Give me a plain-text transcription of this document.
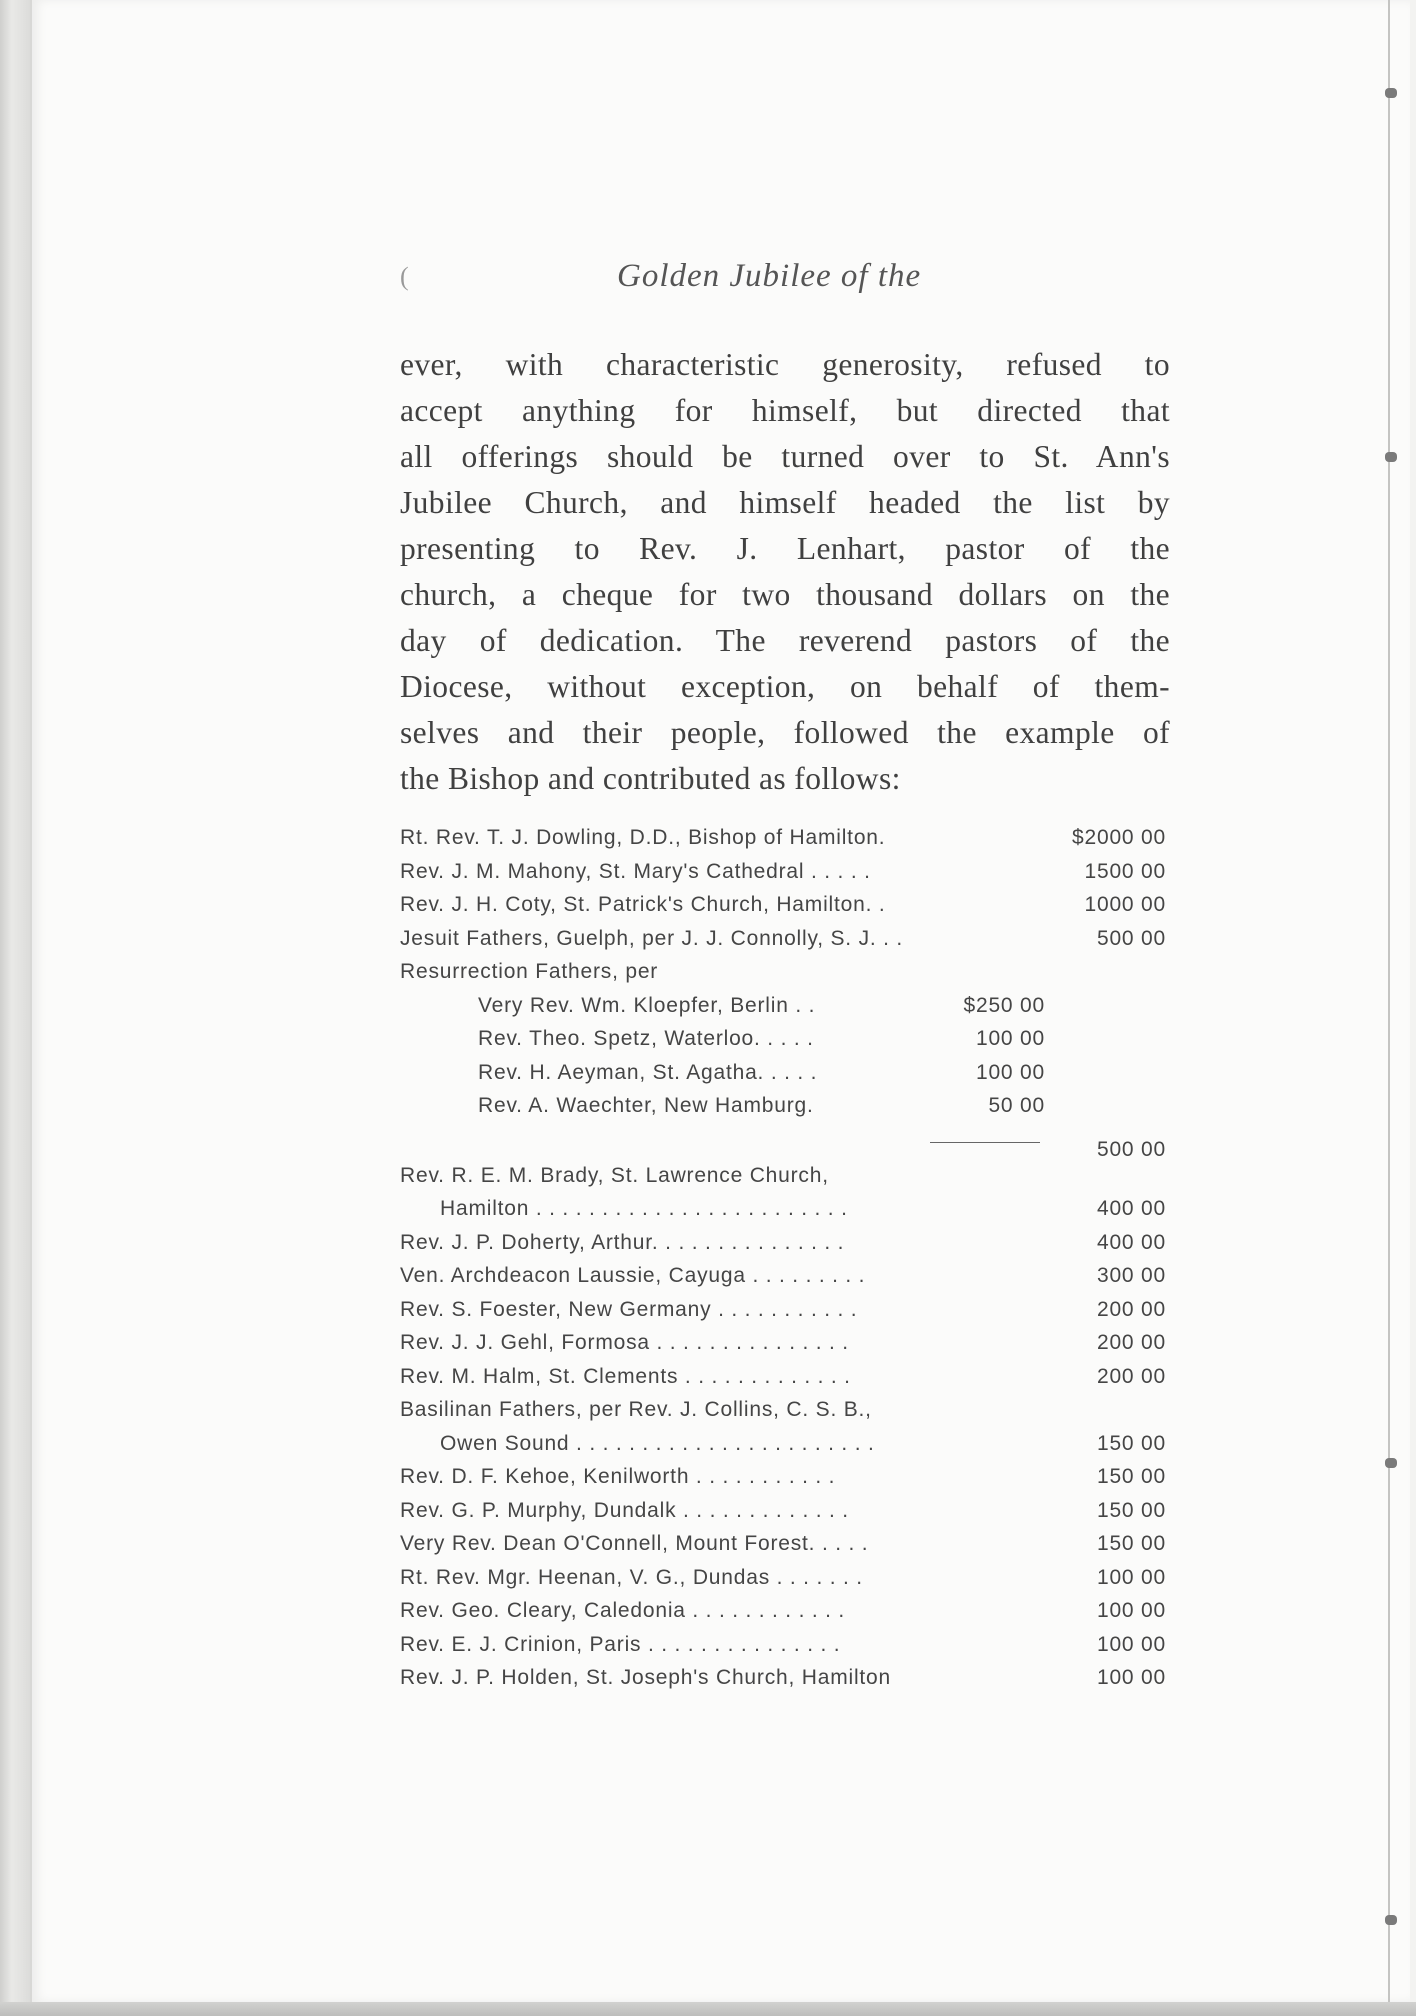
(	Golden Jubilee of the
ever, with characteristic generosity, refused to
accept anything for himself, but directed that
all offerings should be turned over to St. Ann's
Jubilee Church, and himself headed the list by
presenting to Rev. J. Lenhart, pastor of the
church, a cheque for two thousand dollars on the
day of dedication. The reverend pastors of the
Diocese, without exception, on behalf of them-
selves and their people, followed the example of
the Bishop and contributed as follows:
Rt. Rev. T. J. Dowling, D.D., Bishop of Hamilton.	$2000 00
Rev. J. M. Mahony, St. Mary's Cathedral . . . . .	1500 00
Rev. J. H. Coty, St. Patrick's Church, Hamilton. .	1000 00
Jesuit Fathers, Guelph, per J. J. Connolly, S. J. . .	500 00
Resurrection Fathers, per
Very Rev. Wm. Kloepfer, Berlin . .	$250 00
Rev. Theo. Spetz, Waterloo. . . . .	100 00
Rev. H. Aeyman, St. Agatha. . . . .	100 00
Rev. A. Waechter, New Hamburg.	50 00
500 00
Rev. R. E. M. Brady, St. Lawrence Church,
Hamilton . . . . . . . . . . . . . . . . . . . . . . . .	400 00
Rev. J. P. Doherty, Arthur. . . . . . . . . . . . . . .	400 00
Ven. Archdeacon Laussie, Cayuga . . . . . . . . .	300 00
Rev. S. Foester, New Germany . . . . . . . . . . .	200 00
Rev. J. J. Gehl, Formosa . . . . . . . . . . . . . . .	200 00
Rev. M. Halm, St. Clements . . . . . . . . . . . . .	200 00
Basilinan Fathers, per Rev. J. Collins, C. S. B.,
Owen Sound . . . . . . . . . . . . . . . . . . . . . . .	150 00
Rev. D. F. Kehoe, Kenilworth . . . . . . . . . . .	150 00
Rev. G. P. Murphy, Dundalk . . . . . . . . . . . . .	150 00
Very Rev. Dean O'Connell, Mount Forest. . . . .	150 00
Rt. Rev. Mgr. Heenan, V. G., Dundas . . . . . . .	100 00
Rev. Geo. Cleary, Caledonia . . . . . . . . . . . .	100 00
Rev. E. J. Crinion, Paris . . . . . . . . . . . . . . .	100 00
Rev. J. P. Holden, St. Joseph's Church, Hamilton	100 00
